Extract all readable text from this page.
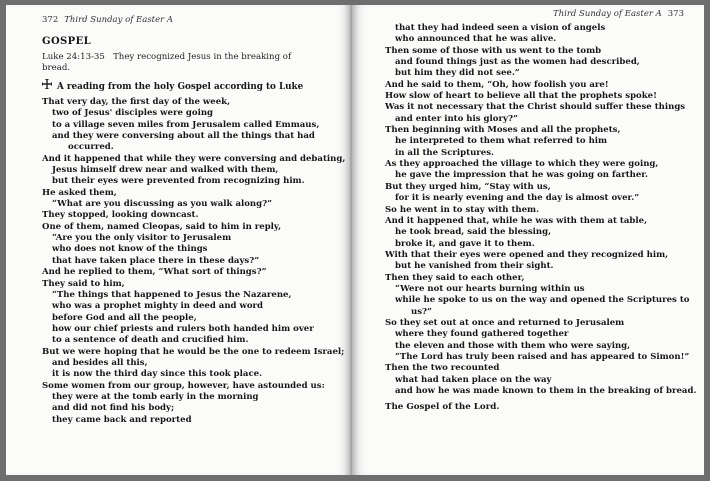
372 Third Sunday of Easter A
GOSPEL
Luke 24:13-35 They recognized Jesus in the breaking of
bread.
A reading from the holy Gospel according to Luke
That very day, the first day of the week,
two of Jesus' disciples were going
to a village seven miles from Jerusalem called Emmaus,
and they were conversing about all the things that had
occurred.
And it happened that while they were conversing and debating,
Jesus himself drew near and walked with them,
but their eyes were prevented from recognizing him.
He asked them,
“What are you discussing as you walk along?”
They stopped, looking downcast.
One of them, named Cleopas, said to him in reply,
“Are you the only visitor to Jerusalem
who does not know of the things
that have taken place there in these days?”
And he replied to them, “What sort of things?”
They said to him,
“The things that happened to Jesus the Nazarene,
who was a prophet mighty in deed and word
before God and all the people,
how our chief priests and rulers both handed him over
to a sentence of death and crucified him.
But we were hoping that he would be the one to redeem Israel;
and besides all this,
it is now the third day since this took place.
Some women from our group, however, have astounded us:
they were at the tomb early in the morning
and did not find his body;
they came back and reported
Third Sunday of Easter A 373
that they had indeed seen a vision of angels
who announced that he was alive.
Then some of those with us went to the tomb
and found things just as the women had described,
but him they did not see.”
And he said to them, “Oh, how foolish you are!
How slow of heart to believe all that the prophets spoke!
Was it not necessary that the Christ should suffer these things
and enter into his glory?”
Then beginning with Moses and all the prophets,
he interpreted to them what referred to him
in all the Scriptures.
As they approached the village to which they were going,
he gave the impression that he was going on farther.
But they urged him, “Stay with us,
for it is nearly evening and the day is almost over.”
So he went in to stay with them.
And it happened that, while he was with them at table,
he took bread, said the blessing,
broke it, and gave it to them.
With that their eyes were opened and they recognized him,
but he vanished from their sight.
Then they said to each other,
“Were not our hearts burning within us
while he spoke to us on the way and opened the Scriptures to
us?”
So they set out at once and returned to Jerusalem
where they found gathered together
the eleven and those with them who were saying,
“The Lord has truly been raised and has appeared to Simon!”
Then the two recounted
what had taken place on the way
and how he was made known to them in the breaking of bread.
The Gospel of the Lord.
